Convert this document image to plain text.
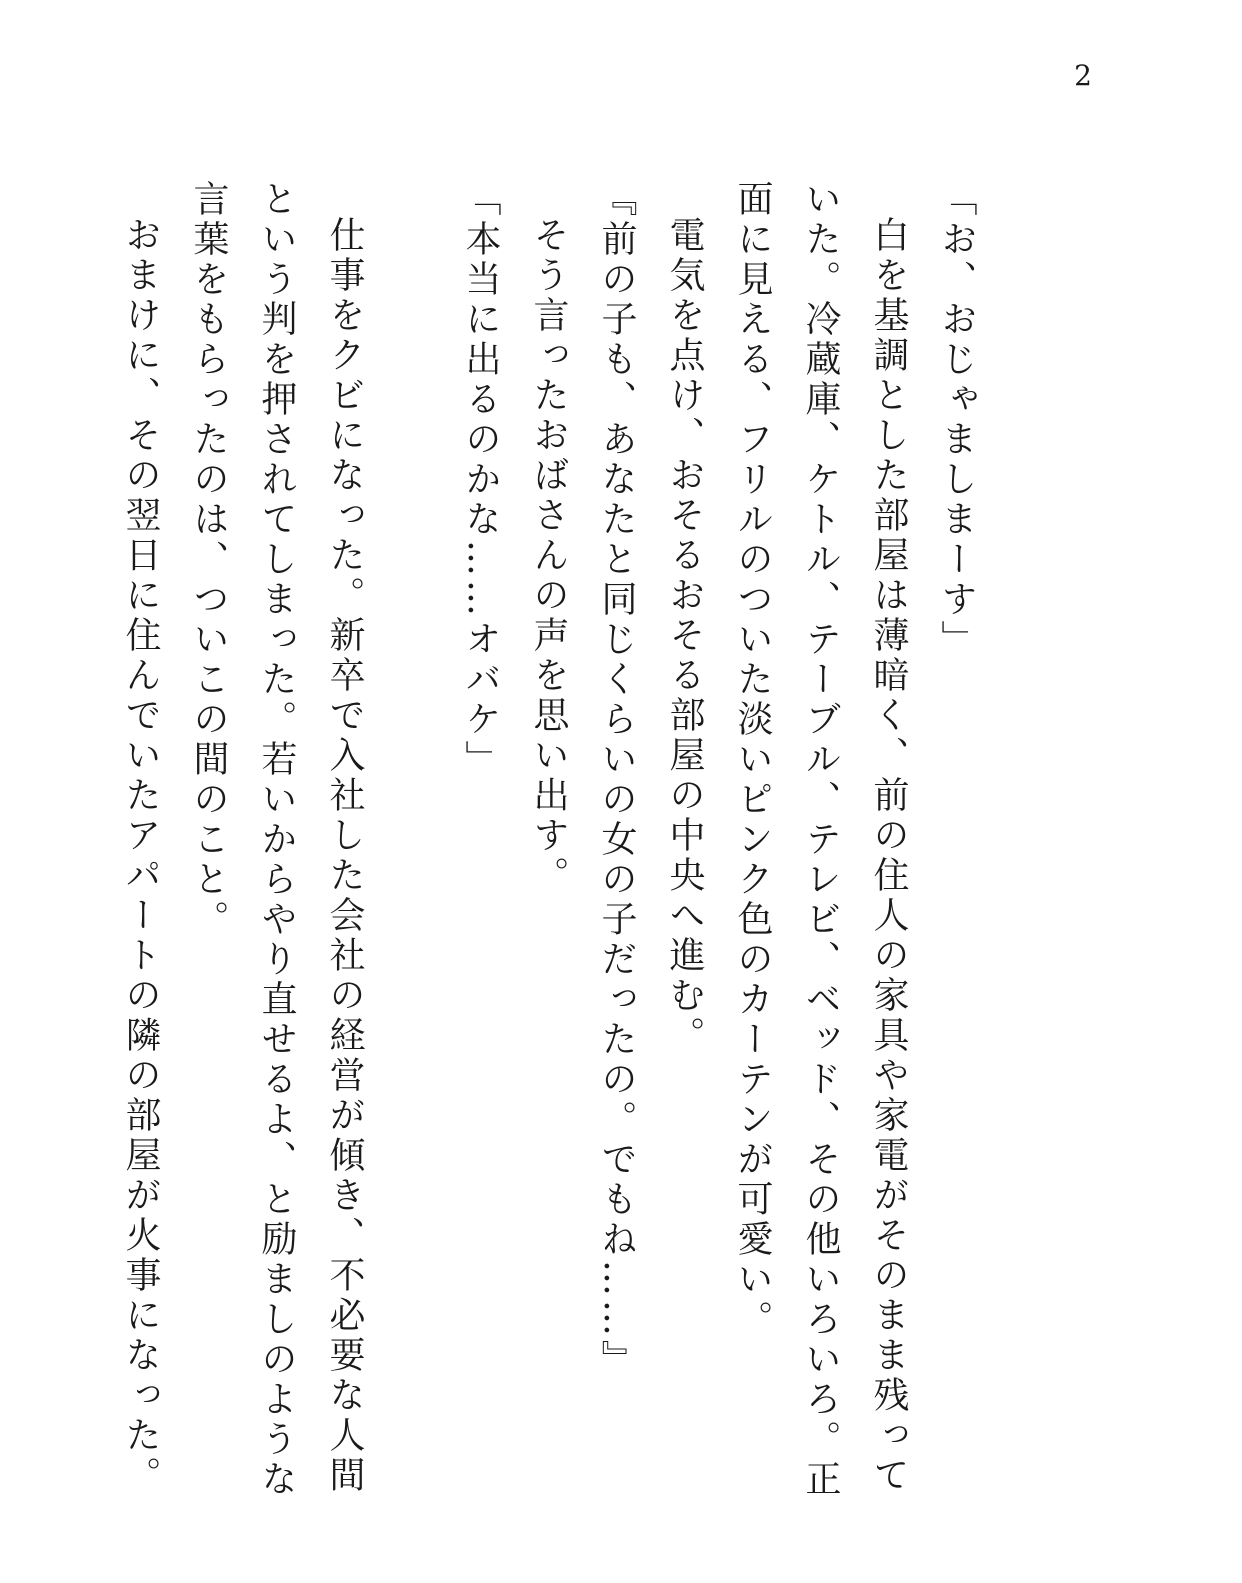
2
「お、おじゃましまーす」
白を基調とした部屋は薄暗く、前の住人の家具や家電がそのまま残って
いた。冷蔵庫、ケトル、テーブル、テレビ、ベッド、その他いろいろ。正
面に見える、フリルのついた淡いピンク色のカーテンが可愛い。
電気を点け、おそるおそる部屋の中央へ進む。
『前の子も、あなたと同じくらいの女の子だったの。でもね……』
そう言ったおばさんの声を思い出す。
「本当に出るのかな……オバケ」
仕事をクビになった。新卒で入社した会社の経営が傾き、不必要な人間
という判を押されてしまった。若いからやり直せるよ、と励ましのような
言葉をもらったのは、ついこの間のこと。
おまけに、その翌日に住んでいたアパートの隣の部屋が火事になった。
